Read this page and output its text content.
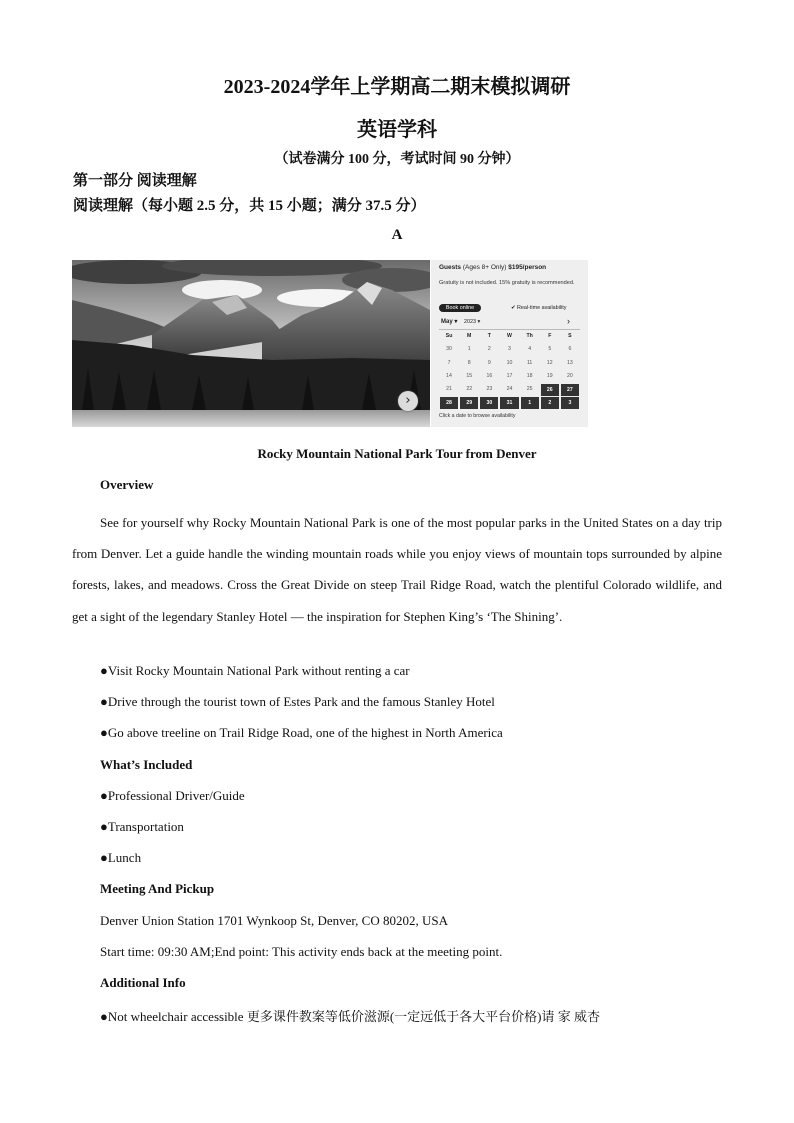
2023-2024学年上学期高二期末模拟调研
英语学科
（试卷满分 100 分，考试时间 90 分钟）
第一部分 阅读理解
阅读理解（每小题 2.5 分，共 15 小题；满分 37.5 分）
A
›
Guests (Ages 8+ Only) $195/person
Gratuity is not included. 15% gratuity is recommended.
Book online	✔ Real-time availability
May ▾ 2023 ▾	›
Su	M	T	W	Th	F	S
30	1	2	3	4	5	6
7	8	9	10	11	12	13
14	15	16	17	18	19	20
21	22	23	24	25	26	27
28	29	30	31	1	2	3
Click a date to browse availability
Rocky Mountain National Park Tour from Denver
Overview
See for yourself why Rocky Mountain National Park is one of the most popular parks in the United States on a day trip from Denver. Let a guide handle the winding mountain roads while you enjoy views of mountain tops surrounded by alpine forests, lakes, and meadows. Cross the Great Divide on steep Trail Ridge Road, watch the plentiful Colorado wildlife, and get a sight of the legendary Stanley Hotel — the inspiration for Stephen King’s ‘The Shining’.
●Visit Rocky Mountain National Park without renting a car
●Drive through the tourist town of Estes Park and the famous Stanley Hotel
●Go above treeline on Trail Ridge Road, one of the highest in North America
What’s Included
●Professional Driver/Guide
●Transportation
●Lunch
Meeting And Pickup
Denver Union Station 1701 Wynkoop St, Denver, CO 80202, USA
Start time: 09:30 AM;End point: This activity ends back at the meeting point.
Additional Info
●Not wheelchair accessible 更多课件教案等低价滋源(一定远低于各大平台价格)请 家 威杏
